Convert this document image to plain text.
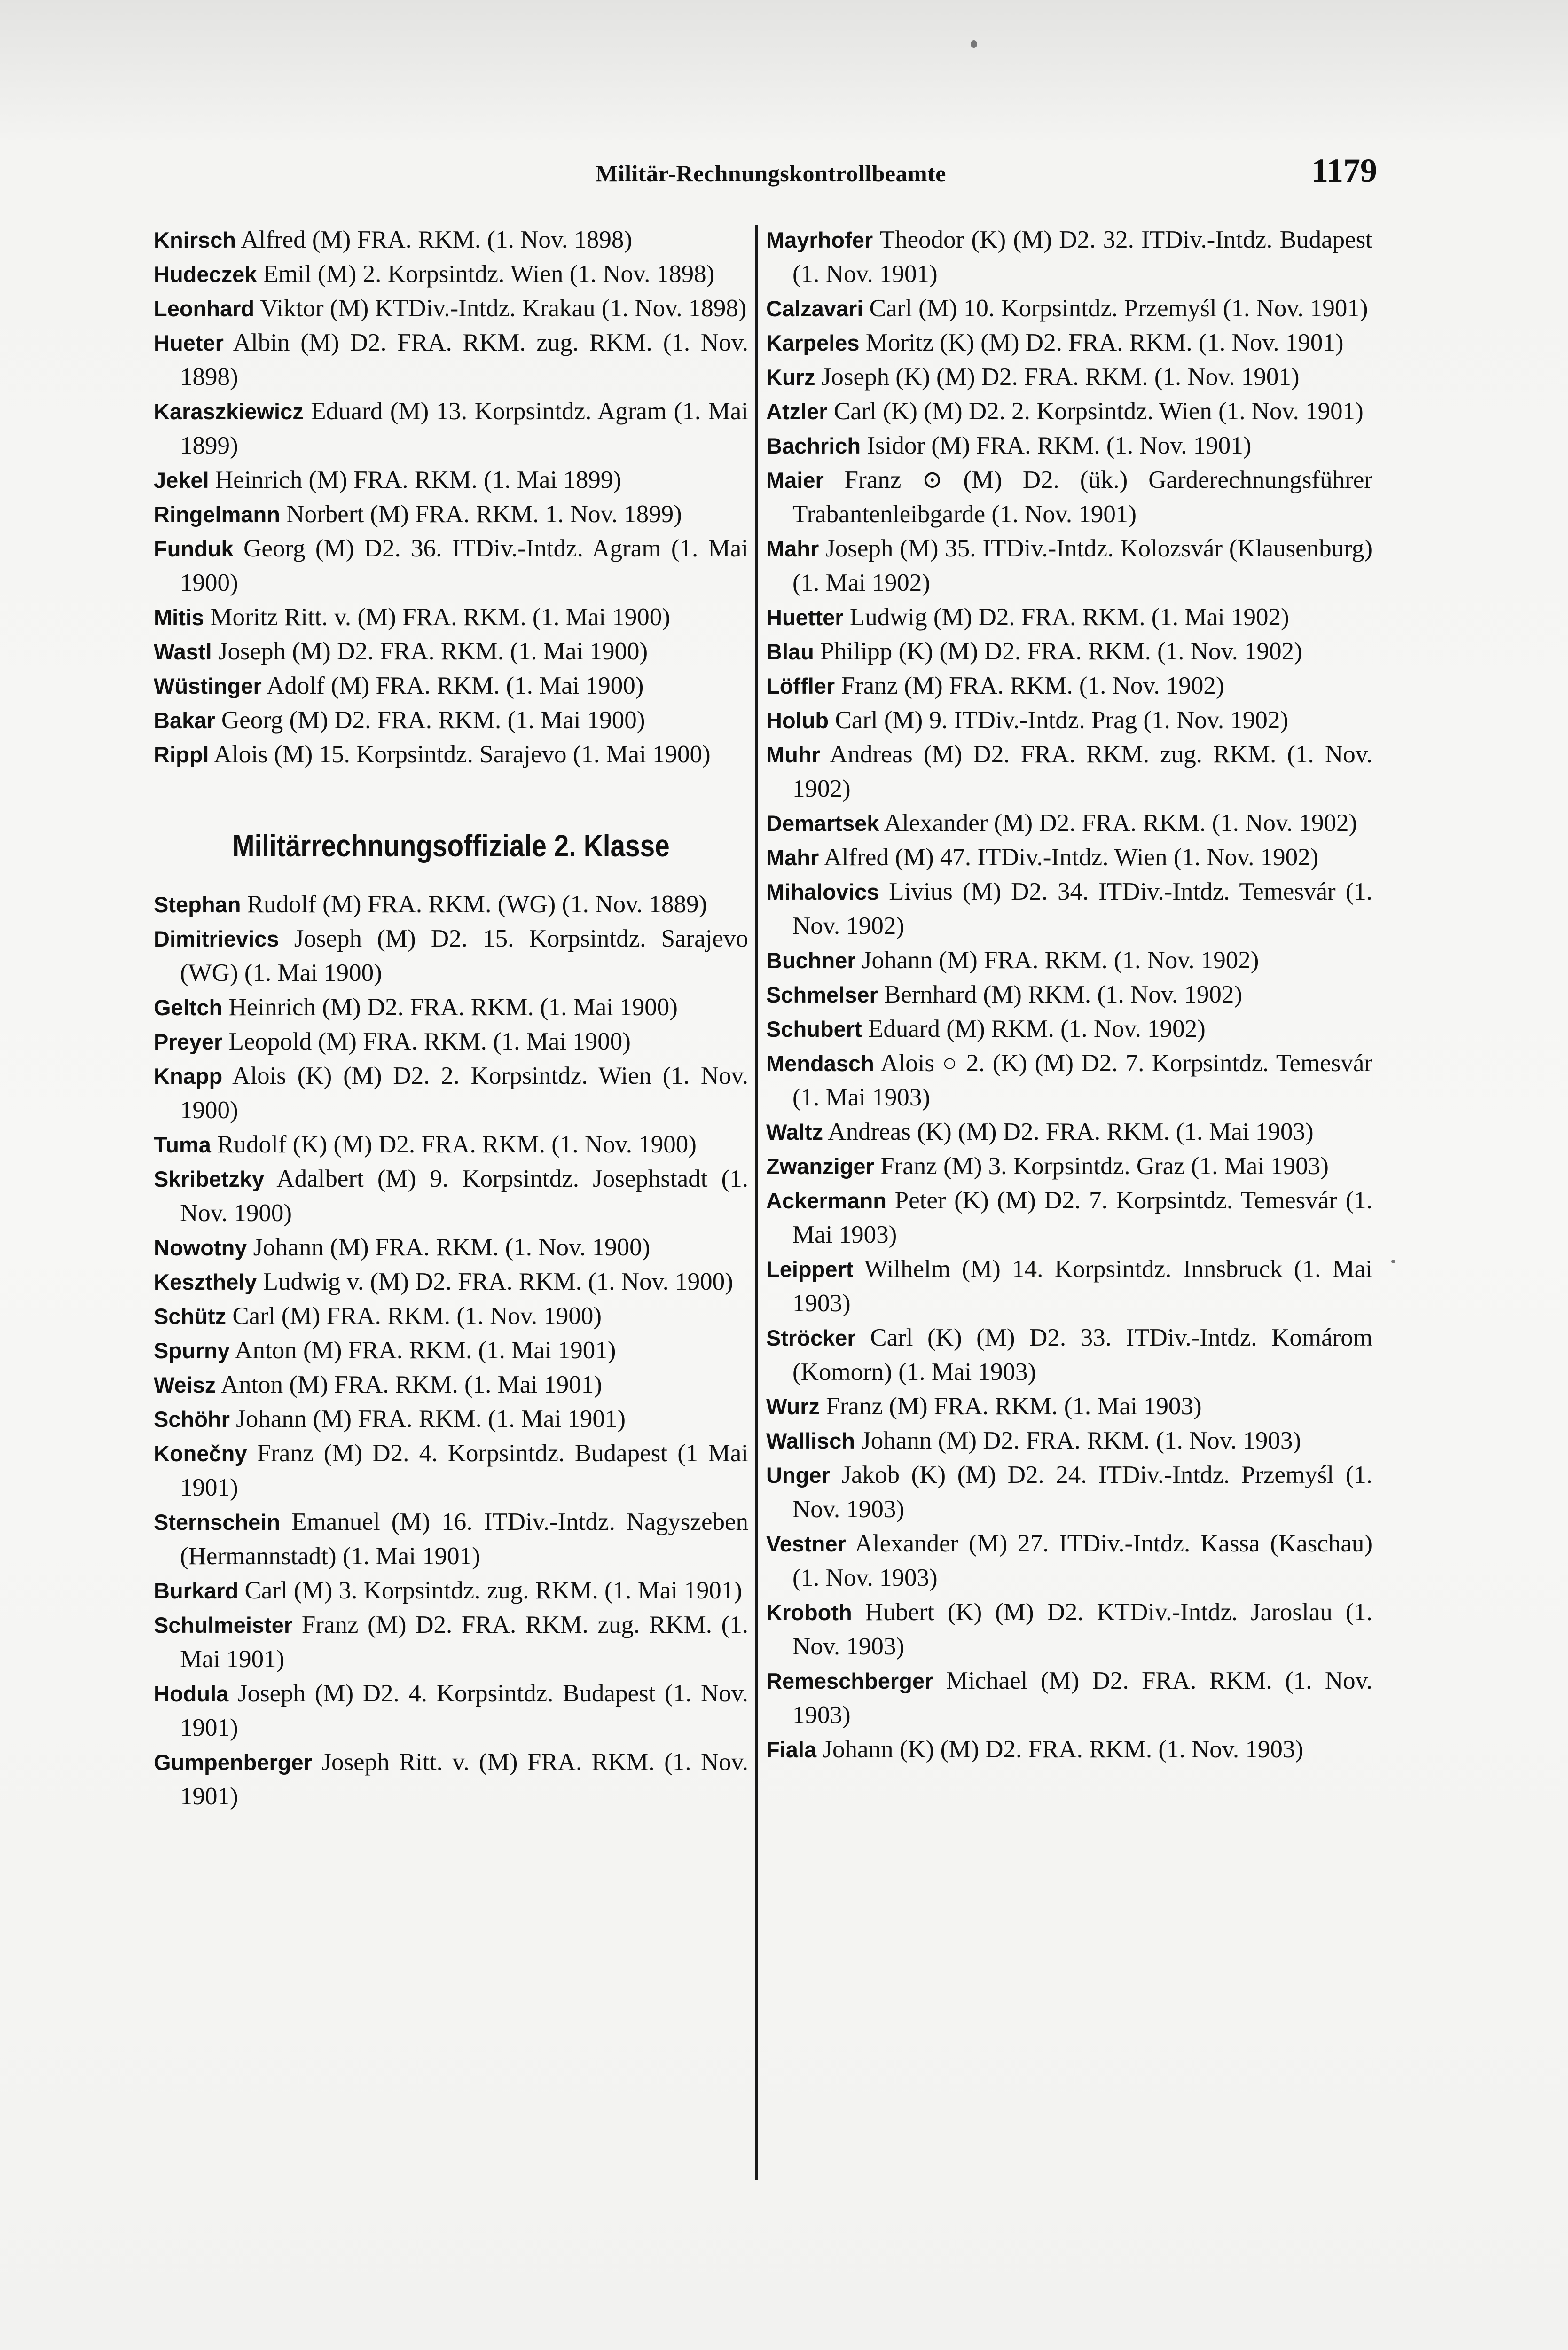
Militär-Rechnungskontrollbeamte	1179

Knirsch Alfred (M) FRA. RKM. (1. Nov. 1898)

Hudeczek Emil (M) 2. Korpsintdz. Wien (1. Nov. 1898)

Leonhard Viktor (M) KTDiv.-Intdz. Krakau (1. Nov. 1898)

Hueter Albin (M) D2. FRA. RKM. zug. RKM. (1. Nov. 1898)

Karaszkiewicz Eduard (M) 13. Korpsintdz. Agram (1. Mai 1899)

Jekel Heinrich (M) FRA. RKM. (1. Mai 1899)

Ringelmann Norbert (M) FRA. RKM. 1. Nov. 1899)

Funduk Georg (M) D2. 36. ITDiv.-Intdz. Agram (1. Mai 1900)

Mitis Moritz Ritt. v. (M) FRA. RKM. (1. Mai 1900)

Wastl Joseph (M) D2. FRA. RKM. (1. Mai 1900)

Wüstinger Adolf (M) FRA. RKM. (1. Mai 1900)

Bakar Georg (M) D2. FRA. RKM. (1. Mai 1900)

Rippl Alois (M) 15. Korpsintdz. Sarajevo (1. Mai 1900)

Militärrechnungsoffiziale 2. Klasse

Stephan Rudolf (M) FRA. RKM. (WG) (1. Nov. 1889)

Dimitrievics Joseph (M) D2. 15. Korpsintdz. Sarajevo (WG) (1. Mai 1900)

Geltch Heinrich (M) D2. FRA. RKM. (1. Mai 1900)

Preyer Leopold (M) FRA. RKM. (1. Mai 1900)

Knapp Alois (K) (M) D2. 2. Korpsintdz. Wien (1. Nov. 1900)

Tuma Rudolf (K) (M) D2. FRA. RKM. (1. Nov. 1900)

Skribetzky Adalbert (M) 9. Korpsintdz. Josephstadt (1. Nov. 1900)

Nowotny Johann (M) FRA. RKM. (1. Nov. 1900)

Keszthely Ludwig v. (M) D2. FRA. RKM. (1. Nov. 1900)

Schütz Carl (M) FRA. RKM. (1. Nov. 1900)

Spurny Anton (M) FRA. RKM. (1. Mai 1901)

Weisz Anton (M) FRA. RKM. (1. Mai 1901)

Schöhr Johann (M) FRA. RKM. (1. Mai 1901)

Konečny Franz (M) D2. 4. Korpsintdz. Budapest (1 Mai 1901)

Sternschein Emanuel (M) 16. ITDiv.-Intdz. Nagyszeben (Hermannstadt) (1. Mai 1901)

Burkard Carl (M) 3. Korpsintdz. zug. RKM. (1. Mai 1901)

Schulmeister Franz (M) D2. FRA. RKM. zug. RKM. (1. Mai 1901)

Hodula Joseph (M) D2. 4. Korpsintdz. Budapest (1. Nov. 1901)

Gumpenberger Joseph Ritt. v. (M) FRA. RKM. (1. Nov. 1901)

Mayrhofer Theodor (K) (M) D2. 32. ITDiv.-Intdz. Budapest (1. Nov. 1901)

Calzavari Carl (M) 10. Korpsintdz. Przemyśl (1. Nov. 1901)

Karpeles Moritz (K) (M) D2. FRA. RKM. (1. Nov. 1901)

Kurz Joseph (K) (M) D2. FRA. RKM. (1. Nov. 1901)

Atzler Carl (K) (M) D2. 2. Korpsintdz. Wien (1. Nov. 1901)

Bachrich Isidor (M) FRA. RKM. (1. Nov. 1901)

Maier Franz ⊙ (M) D2. (ük.) Garderechnungsführer Trabantenleibgarde (1. Nov. 1901)

Mahr Joseph (M) 35. ITDiv.-Intdz. Kolozsvár (Klausenburg) (1. Mai 1902)

Huetter Ludwig (M) D2. FRA. RKM. (1. Mai 1902)

Blau Philipp (K) (M) D2. FRA. RKM. (1. Nov. 1902)

Löffler Franz (M) FRA. RKM. (1. Nov. 1902)

Holub Carl (M) 9. ITDiv.-Intdz. Prag (1. Nov. 1902)

Muhr Andreas (M) D2. FRA. RKM. zug. RKM. (1. Nov. 1902)

Demartsek Alexander (M) D2. FRA. RKM. (1. Nov. 1902)

Mahr Alfred (M) 47. ITDiv.-Intdz. Wien (1. Nov. 1902)

Mihalovics Livius (M) D2. 34. ITDiv.-Intdz. Temesvár (1. Nov. 1902)

Buchner Johann (M) FRA. RKM. (1. Nov. 1902)

Schmelser Bernhard (M) RKM. (1. Nov. 1902)

Schubert Eduard (M) RKM. (1. Nov. 1902)

Mendasch Alois ○ 2. (K) (M) D2. 7. Korpsintdz. Temesvár (1. Mai 1903)

Waltz Andreas (K) (M) D2. FRA. RKM. (1. Mai 1903)

Zwanziger Franz (M) 3. Korpsintdz. Graz (1. Mai 1903)

Ackermann Peter (K) (M) D2. 7. Korpsintdz. Temesvár (1. Mai 1903)

Leippert Wilhelm (M) 14. Korpsintdz. Innsbruck (1. Mai 1903)

Ströcker Carl (K) (M) D2. 33. ITDiv.-Intdz. Komárom (Komorn) (1. Mai 1903)

Wurz Franz (M) FRA. RKM. (1. Mai 1903)

Wallisch Johann (M) D2. FRA. RKM. (1. Nov. 1903)

Unger Jakob (K) (M) D2. 24. ITDiv.-Intdz. Przemyśl (1. Nov. 1903)

Vestner Alexander (M) 27. ITDiv.-Intdz. Kassa (Kaschau) (1. Nov. 1903)

Kroboth Hubert (K) (M) D2. KTDiv.-Intdz. Jaroslau (1. Nov. 1903)

Remeschberger Michael (M) D2. FRA. RKM. (1. Nov. 1903)

Fiala Johann (K) (M) D2. FRA. RKM. (1. Nov. 1903)
